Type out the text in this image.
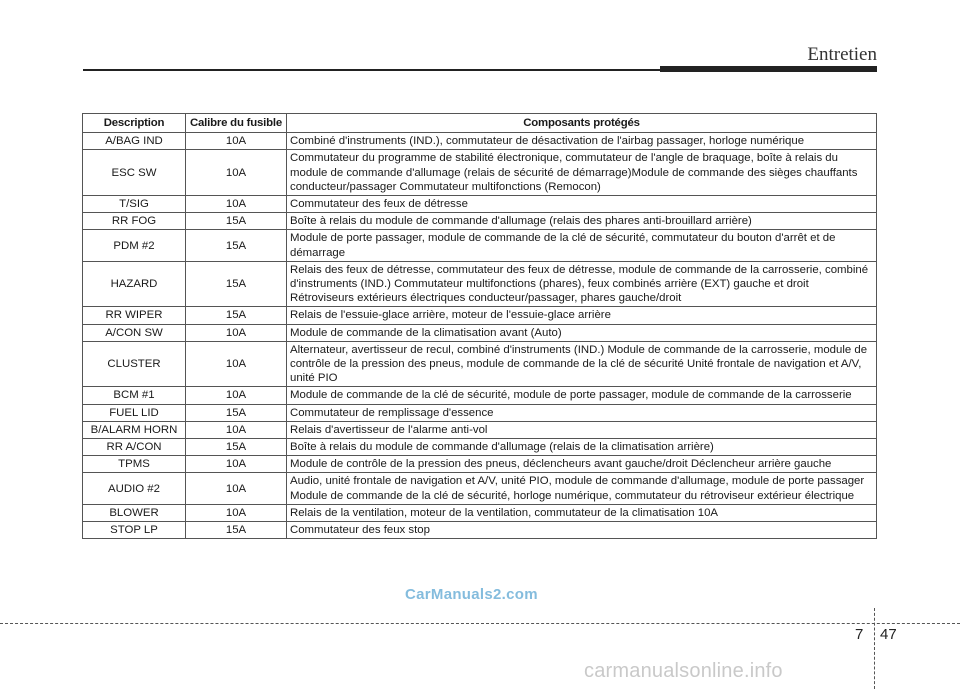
Entretien
Description	Calibre du fusible	Composants protégés
A/BAG IND	10A	Combiné d'instruments (IND.), commutateur de désactivation de l'airbag passager, horloge numérique
ESC SW	10A	Commutateur du programme de stabilité électronique, commutateur de l'angle de braquage, boîte à relais du module de commande d'allumage (relais de sécurité de démarrage)Module de commande des sièges chauffants conducteur/passager Commutateur multifonctions (Remocon)
T/SIG	10A	Commutateur des feux de détresse
RR FOG	15A	Boîte à relais du module de commande d'allumage (relais des phares anti-brouillard arrière)
PDM #2	15A	Module de porte passager, module de commande de la clé de sécurité, commutateur du bouton d'arrêt et de démarrage
HAZARD	15A	Relais des feux de détresse, commutateur des feux de détresse, module de commande de la carrosserie, combiné d'instruments (IND.) Commutateur multifonctions (phares), feux combinés arrière (EXT) gauche et droit Rétroviseurs extérieurs électriques conducteur/passager, phares gauche/droit
RR WIPER	15A	Relais de l'essuie-glace arrière, moteur de l'essuie-glace arrière
A/CON SW	10A	Module de commande de la climatisation avant (Auto)
CLUSTER	10A	Alternateur, avertisseur de recul, combiné d'instruments (IND.) Module de commande de la carrosserie, module de contrôle de la pression des pneus, module de commande de la clé de sécurité Unité frontale de navigation et A/V, unité PIO
BCM #1	10A	Module de commande de la clé de sécurité, module de porte passager, module de commande de la carrosserie
FUEL LID	15A	Commutateur de remplissage d'essence
B/ALARM HORN	10A	Relais d'avertisseur de l'alarme anti-vol
RR A/CON	15A	Boîte à relais du module de commande d'allumage (relais de la climatisation arrière)
TPMS	10A	Module de contrôle de la pression des pneus, déclencheurs avant gauche/droit Déclencheur arrière gauche
AUDIO #2	10A	Audio, unité frontale de navigation et A/V, unité PIO, module de commande d'allumage, module de porte passager Module de commande de la clé de sécurité, horloge numérique, commutateur du rétroviseur extérieur électrique
BLOWER	10A	Relais de la ventilation, moteur de la ventilation, commutateur de la climatisation 10A
STOP LP	15A	Commutateur des feux stop
CarManuals2.com
7 47
carmanualsonline.info
